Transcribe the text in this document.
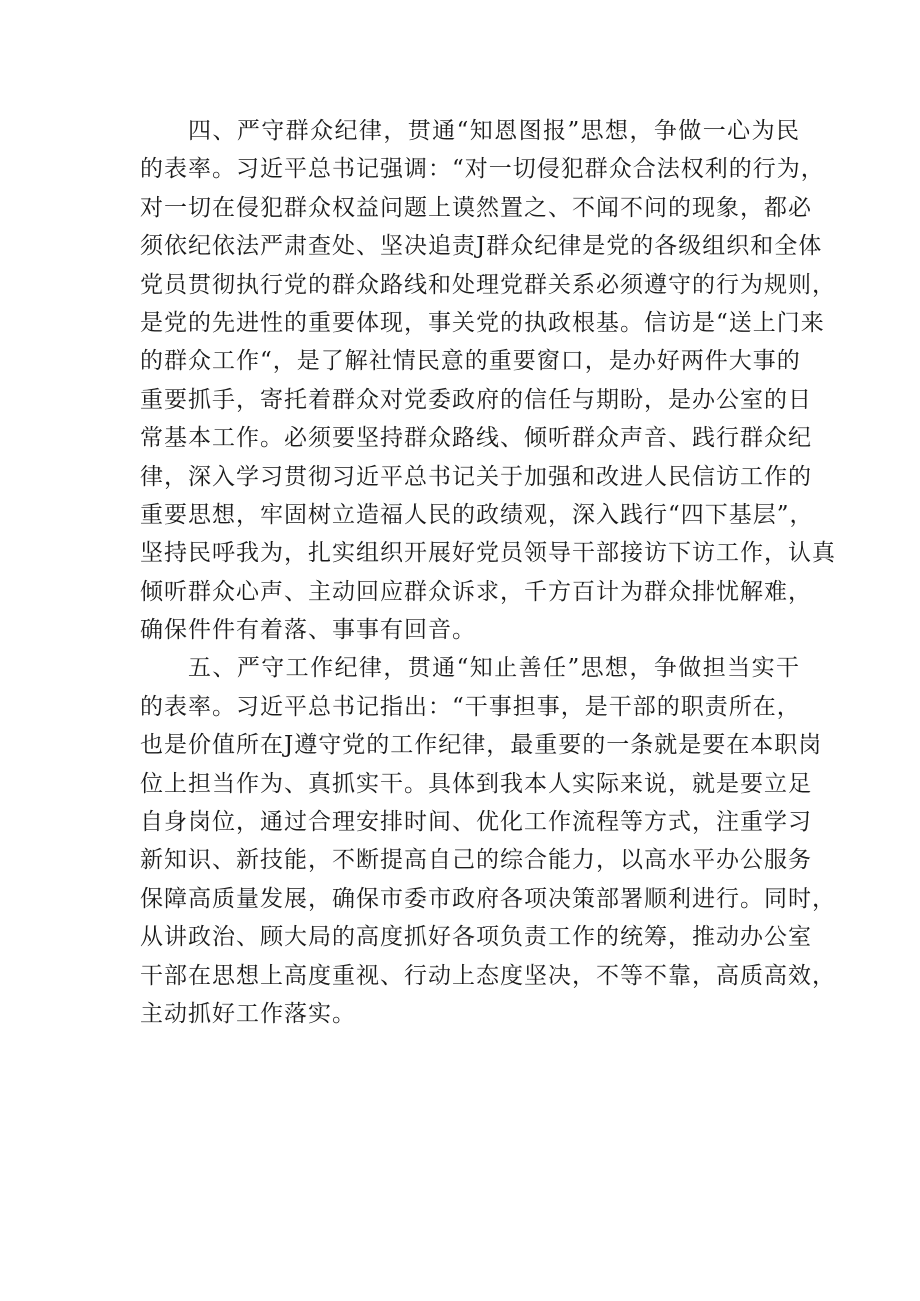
四、严守群众纪律，贯通“知恩图报”思想，争做一心为民
的表率。习近平总书记强调：“对一切侵犯群众合法权利的行为，
对一切在侵犯群众权益问题上谟然置之、不闻不问的现象，都必
须依纪依法严肃查处、坚决追责J群众纪律是党的各级组织和全体
党员贯彻执行党的群众路线和处理党群关系必须遵守的行为规则，
是党的先进性的重要体现，事关党的执政根基。信访是“送上门来
的群众工作“，是了解社情民意的重要窗口，是办好两件大事的
重要抓手，寄托着群众对党委政府的信任与期盼，是办公室的日
常基本工作。必须要坚持群众路线、倾听群众声音、践行群众纪
律，深入学习贯彻习近平总书记关于加强和改进人民信访工作的
重要思想，牢固树立造福人民的政绩观，深入践行“四下基层”，
坚持民呼我为，扎实组织开展好党员领导干部接访下访工作，认真
倾听群众心声、主动回应群众诉求，千方百计为群众排忧解难，
确保件件有着落、事事有回音。
五、严守工作纪律，贯通“知止善任”思想，争做担当实干
的表率。习近平总书记指出：“干事担事，是干部的职责所在，
也是价值所在J遵守党的工作纪律，最重要的一条就是要在本职岗
位上担当作为、真抓实干。具体到我本人实际来说，就是要立足
自身岗位，通过合理安排时间、优化工作流程等方式，注重学习
新知识、新技能，不断提高自己的综合能力，以高水平办公服务
保障高质量发展，确保市委市政府各项决策部署顺利进行。同时，
从讲政治、顾大局的高度抓好各项负责工作的统筹，推动办公室
干部在思想上高度重视、行动上态度坚决，不等不靠，高质高效，
主动抓好工作落实。
